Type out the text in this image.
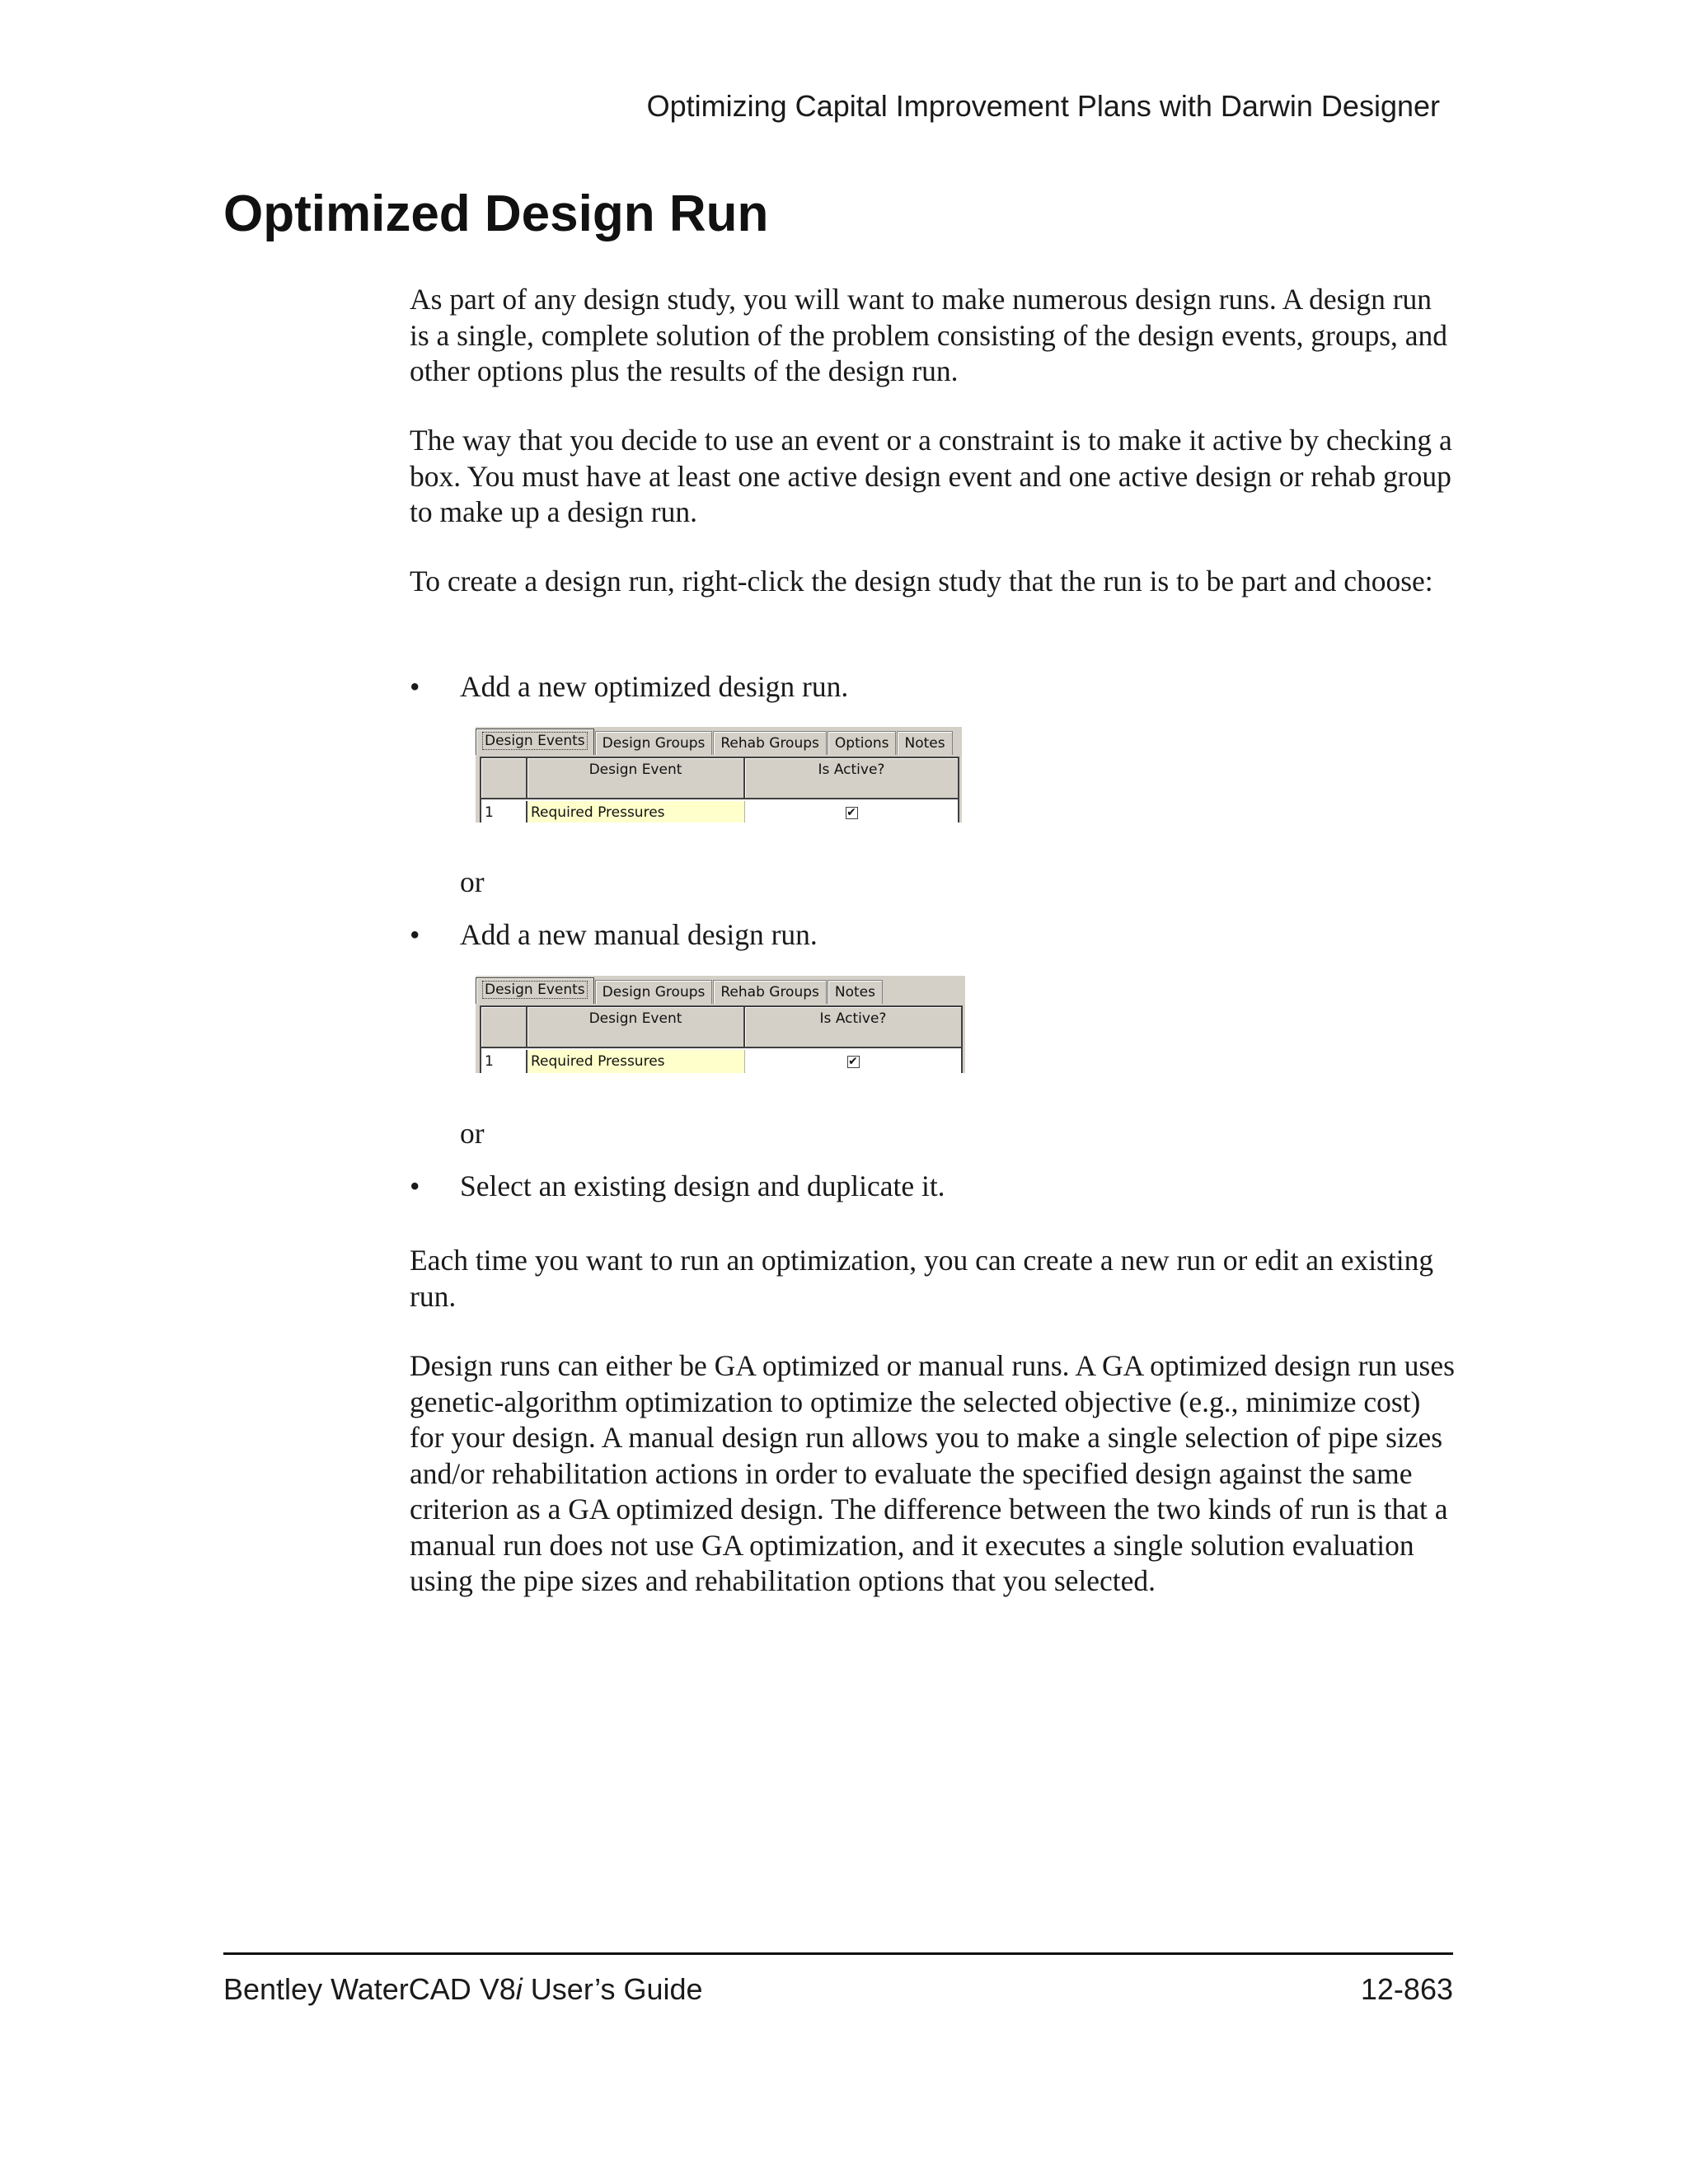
Optimizing Capital Improvement Plans with Darwin Designer
Optimized Design Run

As part of any design study, you will want to make numerous design runs. A design run is a single, complete solution of the problem consisting of the design events, groups, and other options plus the results of the design run.

The way that you decide to use an event or a constraint is to make it active by checking a box. You must have at least one active design event and one active design or rehab group to make up a design run.

To create a design run, right-click the design study that the run is to be part and choose:

• Add a new optimized design run.
Design Events	Design Groups	Rehab Groups	Options	Notes
Design Event	Is Active?
1	Required Pressures	✔
or
• Add a new manual design run.
Design Events	Design Groups	Rehab Groups	Notes
Design Event	Is Active?
1	Required Pressures	✔
or
• Select an existing design and duplicate it.

Each time you want to run an optimization, you can create a new run or edit an existing run.

Design runs can either be GA optimized or manual runs. A GA optimized design run uses genetic-algorithm optimization to optimize the selected objective (e.g., minimize cost) for your design. A manual design run allows you to make a single selection of pipe sizes and/or rehabilitation actions in order to evaluate the specified design against the same criterion as a GA optimized design. The difference between the two kinds of run is that a manual run does not use GA optimization, and it executes a single solution evaluation using the pipe sizes and rehabilitation options that you selected.

Bentley WaterCAD V8i User’s Guide	12-863
